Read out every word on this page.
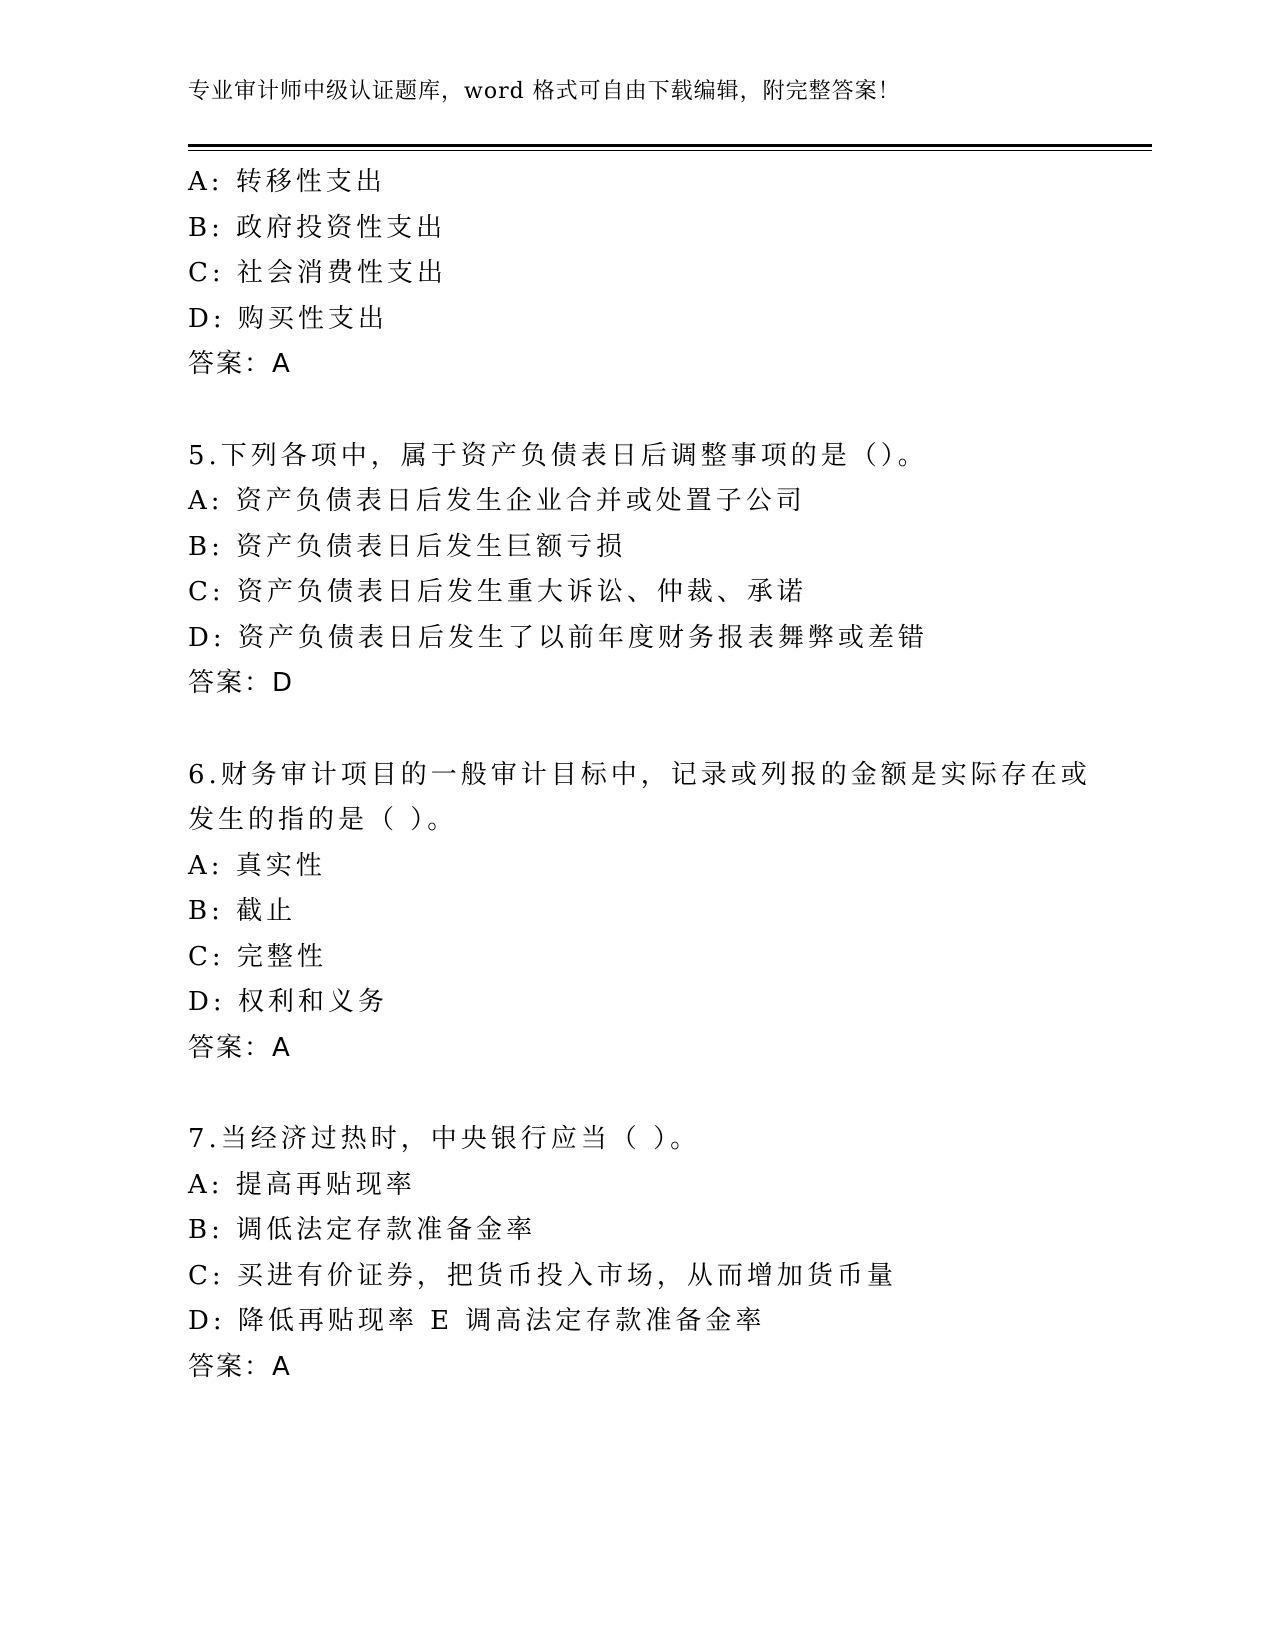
专业审计师中级认证题库，word 格式可自由下载编辑，附完整答案！
A: 转移性支出
B: 政府投资性支出
C: 社会消费性支出
D: 购买性支出
答案：A
5.下列各项中，属于资产负债表日后调整事项的是（）。
A: 资产负债表日后发生企业合并或处置子公司
B: 资产负债表日后发生巨额亏损
C: 资产负债表日后发生重大诉讼、仲裁、承诺
D: 资产负债表日后发生了以前年度财务报表舞弊或差错
答案：D
6.财务审计项目的一般审计目标中，记录或列报的金额是实际存在或
发生的指的是（ ）。
A: 真实性
B: 截止
C: 完整性
D: 权利和义务
答案：A
7.当经济过热时，中央银行应当（ ）。
A: 提高再贴现率
B: 调低法定存款准备金率
C: 买进有价证券，把货币投入市场，从而增加货币量
D: 降低再贴现率 E 调高法定存款准备金率
答案：A
